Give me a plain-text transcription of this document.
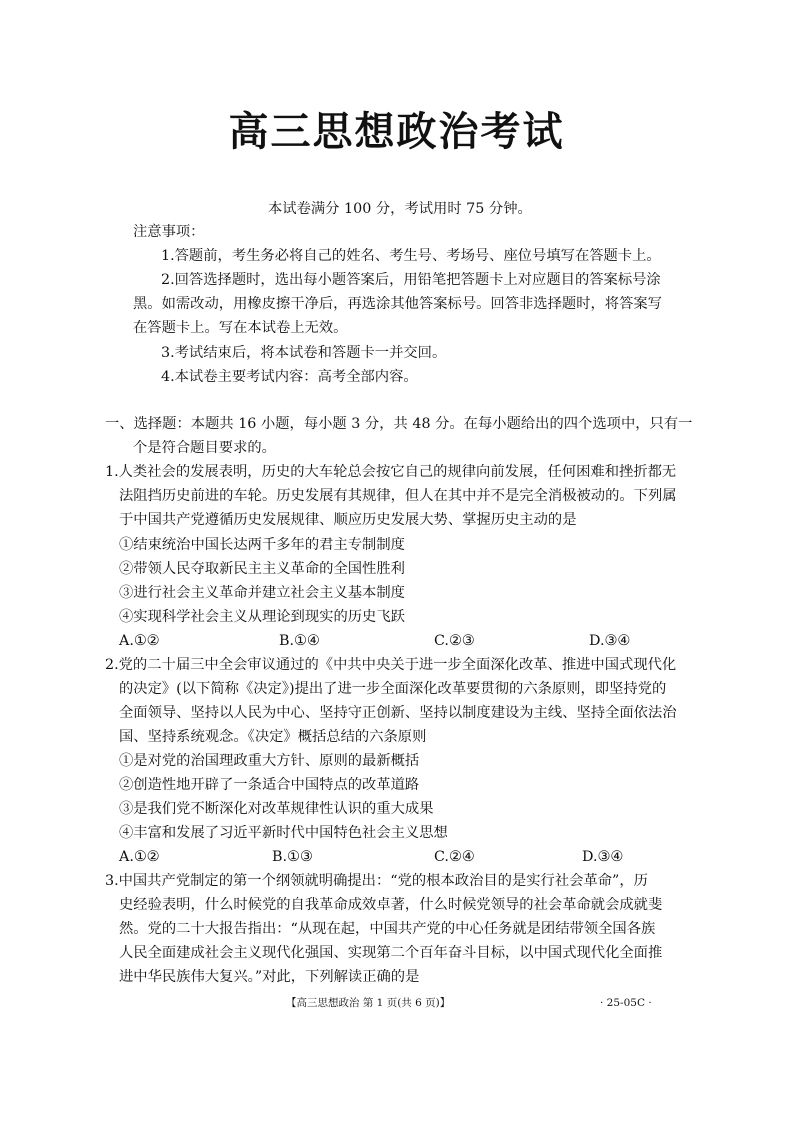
高三思想政治考试
本试卷满分 100 分，考试用时 75 分钟。
注意事项：
1.答题前，考生务必将自己的姓名、考生号、考场号、座位号填写在答题卡上。
2.回答选择题时，选出每小题答案后，用铅笔把答题卡上对应题目的答案标号涂
黑。如需改动，用橡皮擦干净后，再选涂其他答案标号。回答非选择题时，将答案写
在答题卡上。写在本试卷上无效。
3.考试结束后，将本试卷和答题卡一并交回。
4.本试卷主要考试内容：高考全部内容。
一、选择题：本题共 16 小题，每小题 3 分，共 48 分。在每小题给出的四个选项中，只有一
个是符合题目要求的。
1.人类社会的发展表明，历史的大车轮总会按它自己的规律向前发展，任何困难和挫折都无
法阻挡历史前进的车轮。历史发展有其规律，但人在其中并不是完全消极被动的。下列属
于中国共产党遵循历史发展规律、顺应历史发展大势、掌握历史主动的是
①结束统治中国长达两千多年的君主专制制度
②带领人民夺取新民主主义革命的全国性胜利
③进行社会主义革命并建立社会主义基本制度
④实现科学社会主义从理论到现实的历史飞跃
A.①②	B.①④	C.②③	D.③④
2.党的二十届三中全会审议通过的《中共中央关于进一步全面深化改革、推进中国式现代化
的决定》(以下简称《决定》)提出了进一步全面深化改革要贯彻的六条原则，即坚持党的
全面领导、坚持以人民为中心、坚持守正创新、坚持以制度建设为主线、坚持全面依法治
国、坚持系统观念。《决定》概括总结的六条原则
①是对党的治国理政重大方针、原则的最新概括
②创造性地开辟了一条适合中国特点的改革道路
③是我们党不断深化对改革规律性认识的重大成果
④丰富和发展了习近平新时代中国特色社会主义思想
A.①②	B.①③	C.②④	D.③④
3.中国共产党制定的第一个纲领就明确提出：“党的根本政治目的是实行社会革命”，历
史经验表明，什么时候党的自我革命成效卓著，什么时候党领导的社会革命就会成就斐
然。党的二十大报告指出：“从现在起，中国共产党的中心任务就是团结带领全国各族
人民全面建成社会主义现代化强国、实现第二个百年奋斗目标，以中国式现代化全面推
进中华民族伟大复兴。”对此，下列解读正确的是
【高三思想政治 第 1 页(共 6 页)】	· 25-05C ·
